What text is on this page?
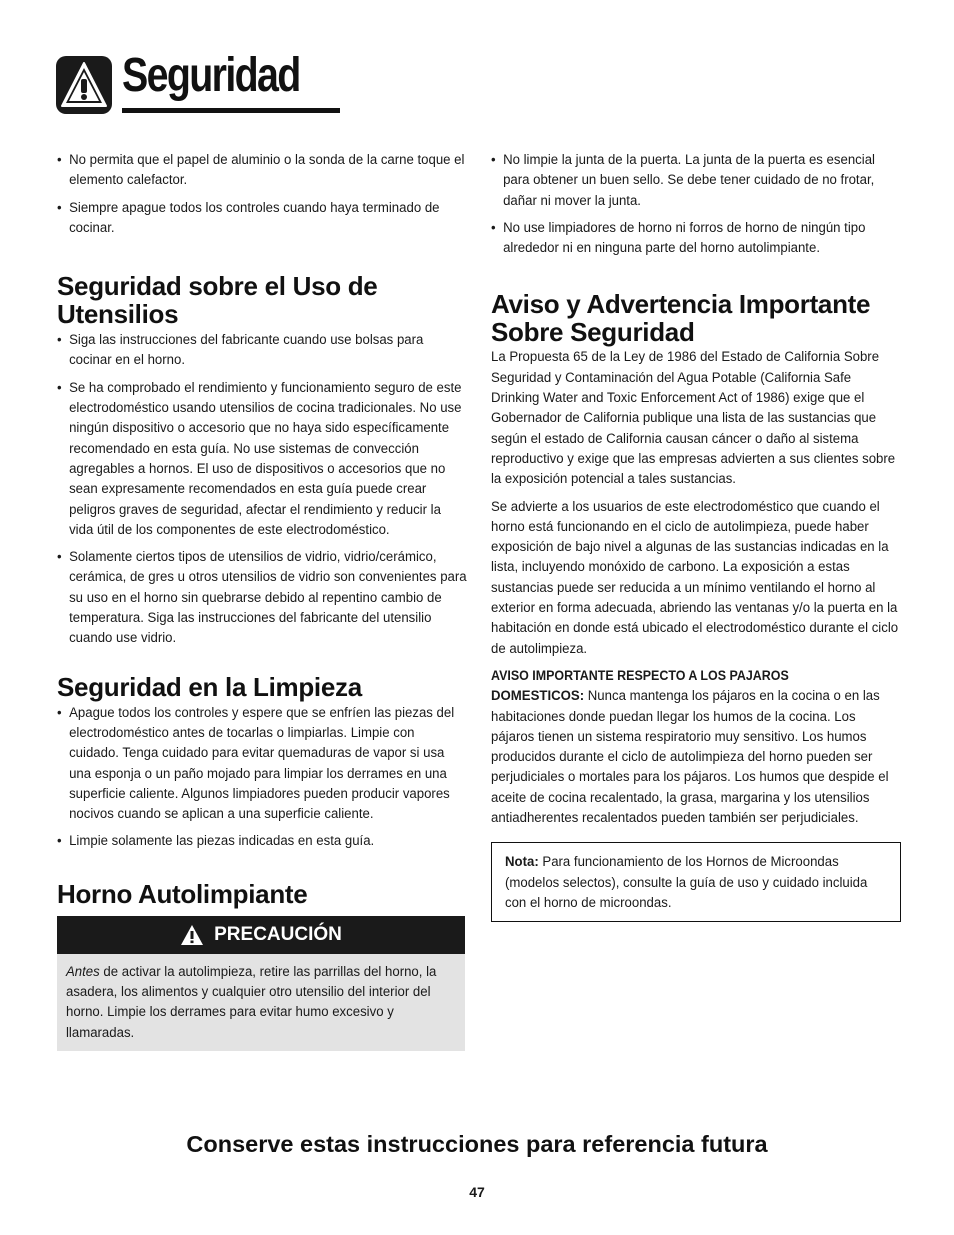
Seguridad
• No permita que el papel de aluminio o la sonda de la carne toque el elemento calefactor.
• Siempre apague todos los controles cuando haya terminado de cocinar.
Seguridad sobre el Uso de Utensilios
• Siga las instrucciones del fabricante cuando use bolsas para cocinar en el horno.
• Se ha comprobado el rendimiento y funcionamiento seguro de este electrodoméstico usando utensilios de cocina tradicionales. No use ningún dispositivo o accesorio que no haya sido específicamente recomendado en esta guía. No use sistemas de convección agregables a hornos. El uso de dispositivos o accesorios que no sean expresamente recomendados en esta guía puede crear peligros graves de seguridad, afectar el rendimiento y reducir la vida útil de los componentes de este electrodoméstico.
• Solamente ciertos tipos de utensilios de vidrio, vidrio/cerámico, cerámica, de gres u otros utensilios de vidrio son convenientes para su uso en el horno sin quebrarse debido al repentino cambio de temperatura. Siga las instrucciones del fabricante del utensilio cuando use vidrio.
Seguridad en la Limpieza
• Apague todos los controles y espere que se enfríen las piezas del electrodoméstico antes de tocarlas o limpiarlas. Limpie con cuidado. Tenga cuidado para evitar quemaduras de vapor si usa una esponja o un paño mojado para limpiar los derrames en una superficie caliente. Algunos limpiadores pueden producir vapores nocivos cuando se aplican a una superficie caliente.
• Limpie solamente las piezas indicadas en esta guía.
Horno Autolimpiante
PRECAUCIÓN
Antes de activar la autolimpieza, retire las parrillas del horno, la asadera, los alimentos y cualquier otro utensilio del interior del horno. Limpie los derrames para evitar humo excesivo y llamaradas.
• No limpie la junta de la puerta. La junta de la puerta es esencial para obtener un buen sello. Se debe tener cuidado de no frotar, dañar ni mover la junta.
• No use limpiadores de horno ni forros de horno de ningún tipo alrededor ni en ninguna parte del horno autolimpiante.
Aviso y Advertencia Importante Sobre Seguridad

La Propuesta 65 de la Ley de 1986 del Estado de California Sobre Seguridad y Contaminación del Agua Potable (California Safe Drinking Water and Toxic Enforcement Act of 1986) exige que el Gobernador de California publique una lista de las sustancias que según el estado de California causan cáncer o daño al sistema reproductivo y exige que las empresas advierten a sus clientes sobre la exposición potencial a tales sustancias.

Se advierte a los usuarios de este electrodoméstico que cuando el horno está funcionando en el ciclo de autolimpieza, puede haber exposición de bajo nivel a algunas de las sustancias indicadas en la lista, incluyendo monóxido de carbono. La exposición a estas sustancias puede ser reducida a un mínimo ventilando el horno al exterior en forma adecuada, abriendo las ventanas y/o la puerta en la habitación en donde está ubicado el electrodoméstico durante el ciclo de autolimpieza.

AVISO IMPORTANTE RESPECTO A LOS PAJAROS
DOMESTICOS: Nunca mantenga los pájaros en la cocina o en las habitaciones donde puedan llegar los humos de la cocina. Los pájaros tienen un sistema respiratorio muy sensitivo. Los humos producidos durante el ciclo de autolimpieza del horno pueden ser perjudiciales o mortales para los pájaros. Los humos que despide el aceite de cocina recalentado, la grasa, margarina y los utensilios antiadherentes recalentados pueden también ser perjudiciales.

Nota: Para funcionamiento de los Hornos de Microondas (modelos selectos), consulte la guía de uso y cuidado incluida con el horno de microondas.
Conserve estas instrucciones para referencia futura
47
